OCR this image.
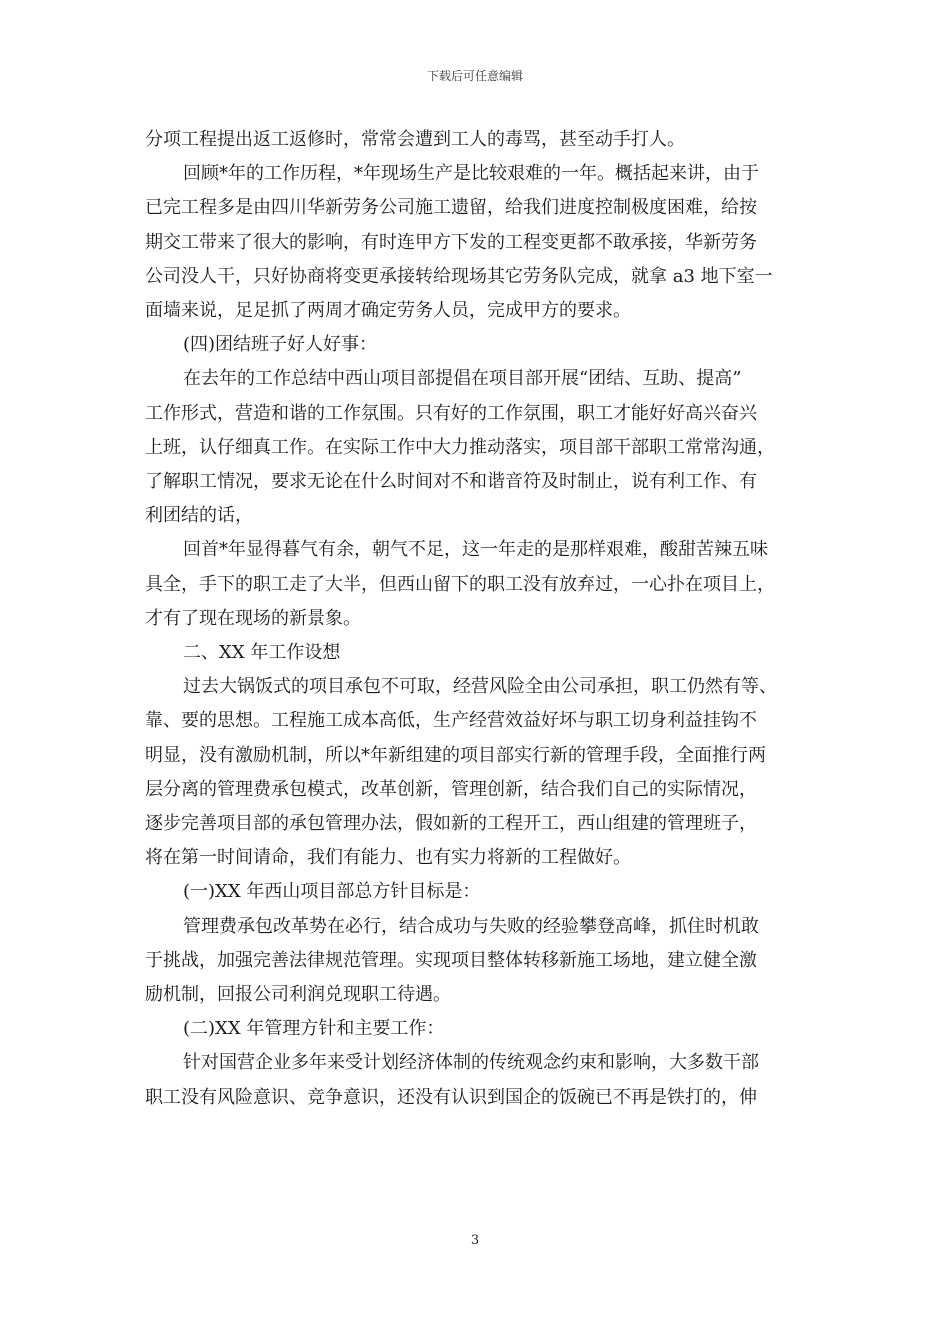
下载后可任意编辑
分项工程提出返工返修时，常常会遭到工人的毒骂，甚至动手打人。
回顾*年的工作历程，*年现场生产是比较艰难的一年。概括起来讲，由于
已完工程多是由四川华新劳务公司施工遗留，给我们进度控制极度困难，给按
期交工带来了很大的影响，有时连甲方下发的工程变更都不敢承接，华新劳务
公司没人干，只好协商将变更承接转给现场其它劳务队完成，就拿 a3 地下室一
面墙来说，足足抓了两周才确定劳务人员，完成甲方的要求。
(四)团结班子好人好事：
在去年的工作总结中西山项目部提倡在项目部开展“团结、互助、提高”
工作形式，营造和谐的工作氛围。只有好的工作氛围，职工才能好好高兴奋兴
上班，认仔细真工作。在实际工作中大力推动落实，项目部干部职工常常沟通，
了解职工情况，要求无论在什么时间对不和谐音符及时制止，说有利工作、有
利团结的话，
回首*年显得暮气有余，朝气不足，这一年走的是那样艰难，酸甜苦辣五味
具全，手下的职工走了大半，但西山留下的职工没有放弃过，一心扑在项目上，
才有了现在现场的新景象。
二、XX 年工作设想
过去大锅饭式的项目承包不可取，经营风险全由公司承担，职工仍然有等、
靠、要的思想。工程施工成本高低，生产经营效益好坏与职工切身利益挂钩不
明显，没有激励机制，所以*年新组建的项目部实行新的管理手段，全面推行两
层分离的管理费承包模式，改革创新，管理创新，结合我们自己的实际情况，
逐步完善项目部的承包管理办法，假如新的工程开工，西山组建的管理班子，
将在第一时间请命，我们有能力、也有实力将新的工程做好。
(一)XX 年西山项目部总方针目标是：
管理费承包改革势在必行，结合成功与失败的经验攀登高峰，抓住时机敢
于挑战，加强完善法律规范管理。实现项目整体转移新施工场地，建立健全激
励机制，回报公司利润兑现职工待遇。
(二)XX 年管理方针和主要工作：
针对国营企业多年来受计划经济体制的传统观念约束和影响，大多数干部
职工没有风险意识、竞争意识，还没有认识到国企的饭碗已不再是铁打的，伸
3
